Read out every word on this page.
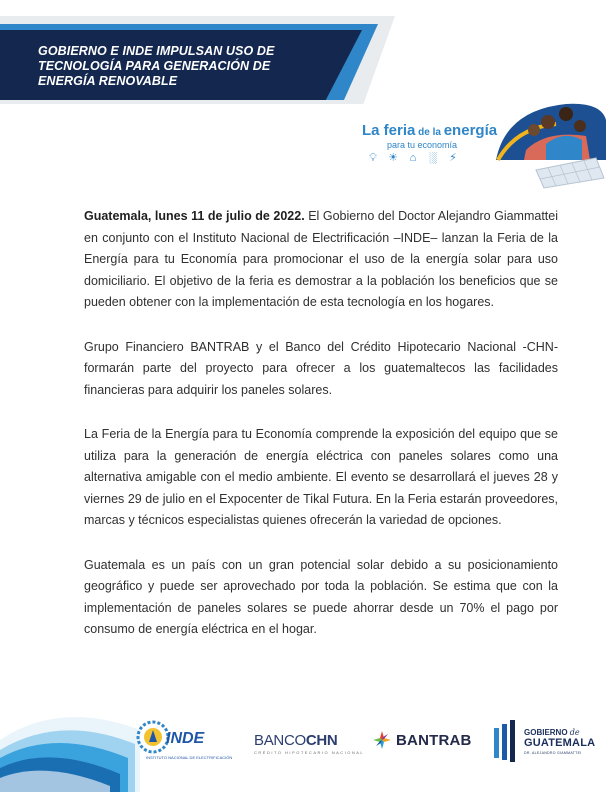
GOBIERNO E INDE IMPULSAN USO DE
TECNOLOGÍA PARA GENERACIÓN DE
ENERGÍA RENOVABLE
La feria de la energía
para tu economía
💡︎ ☀︎	⌂	░ ⚡︎

Guatemala, lunes 11 de julio de 2022. El Gobierno del Doctor Alejandro Giammattei en conjunto con el Instituto Nacional de Electrificación –INDE– lanzan la Feria de la Energía para tu Economía para promocionar el uso de la energía solar para uso domiciliario. El objetivo de la feria es demostrar a la población los beneficios que se pueden obtener con la implementación de esta tecnología en los hogares.

Grupo Financiero BANTRAB y el Banco del Crédito Hipotecario Nacional -CHN- formarán parte del proyecto para ofrecer a los guatemaltecos las facilidades financieras para adquirir los paneles solares.

La Feria de la Energía para tu Economía comprende la exposición del equipo que se utiliza para la generación de energía eléctrica con paneles solares como una alternativa amigable con el medio ambiente. El evento se desarrollará el jueves 28 y viernes 29 de julio en el Expocenter de Tikal Futura. En la Feria estarán proveedores, marcas y técnicos especialistas quienes ofrecerán la variedad de opciones.

Guatemala es un país con un gran potencial solar debido a su posicionamiento geográfico y puede ser aprovechado por toda la población. Se estima que con la implementación de paneles solares se puede ahorrar desde un 70% el pago por consumo de energía eléctrica en el hogar.

INDE
INSTITUTO NACIONAL DE ELECTRIFICACIÓN
BANCOCHN
CRÉDITO HIPOTECARIO NACIONAL
BANTRAB	GOBIERNO de
GUATEMALA
DR. ALEJANDRO GIAMMATTEI
